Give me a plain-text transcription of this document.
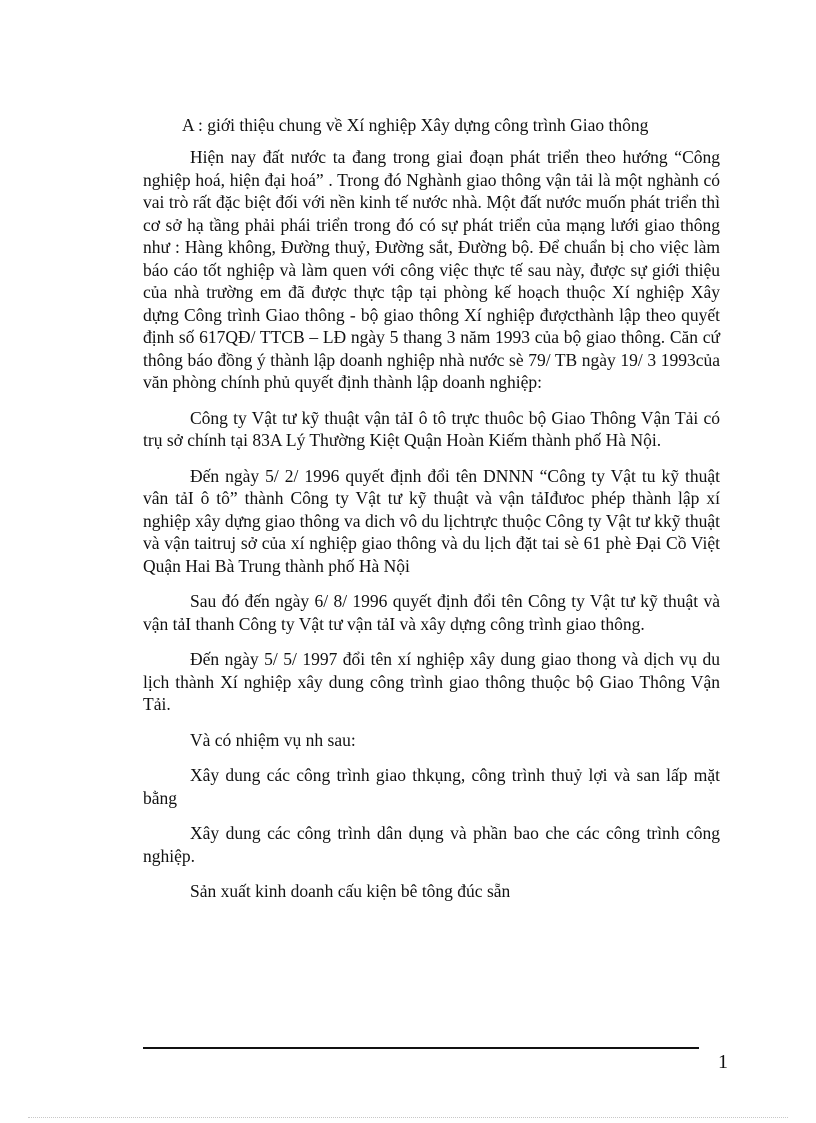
A : giới thiệu chung về Xí nghiệp Xây dựng công trình Giao thông

Hiện nay đất nước ta đang trong giai đoạn phát triển theo hướng “Công nghiệp hoá, hiện đại hoá” . Trong đó Nghành giao thông vận tải là một nghành có vai trò rất đặc biệt đối với nền kinh tế nước nhà. Một đất nước muốn phát triển thì cơ sở hạ tầng phải phái triển trong đó có sự phát triển của mạng lưới giao thông như : Hàng không, Đường thuỷ, Đường sắt, Đường bộ. Để chuẩn bị cho việc làm báo cáo tốt nghiệp và làm quen với công việc thực tế sau này, được sự giới thiệu của nhà trường em đã được thực tập tại phòng kế hoạch thuộc Xí nghiệp Xây dựng Công trình Giao thông - bộ giao thông Xí nghiệp đượcthành lập theo quyết định số 617QĐ/ TTCB – LĐ ngày 5 thang 3 năm 1993 của bộ giao thông. Căn cứ thông báo đồng ý thành lập doanh nghiệp nhà nước sè 79/ TB ngày 19/ 3 1993của văn phòng chính phủ quyết định thành lập doanh nghiệp:

Công ty Vật tư kỹ thuật vận tảI ô tô trực thuôc bộ Giao Thông Vận Tải có trụ sở chính tại 83A Lý Thường Kiệt Quận Hoàn Kiếm thành phố Hà Nội.

Đến ngày 5/ 2/ 1996 quyết định đổi tên DNNN “Công ty Vật tu kỹ thuật vân tảI ô tô” thành Công ty Vật tư kỹ thuật và vận tảIđưoc phép thành lập xí nghiệp xây dựng giao thông va dich vô du lịchtrực thuộc Công ty Vật tư kkỹ thuật và vận taitruj sở của xí nghiệp giao thông và du lịch đặt tai sè 61 phè Đại Cồ Việt Quận Hai Bà Trung thành phố Hà Nội

Sau đó đến ngày 6/ 8/ 1996 quyết định đổi tên Công ty Vật tư kỹ thuật và vận tảI thanh Công ty Vật tư vận tảI và xây dựng công trình giao thông.

Đến ngày 5/ 5/ 1997 đổi tên xí nghiệp xây dung giao thong và dịch vụ du lịch thành Xí nghiệp xây dung công trình giao thông thuộc bộ Giao Thông Vận Tải.

Và có nhiệm vụ nh sau:

Xây dung các công trình giao thkụng, công trình thuỷ lợi và san lấp mặt bằng

Xây dung các công trình dân dụng và phần bao che các công trình công nghiệp.

Sản xuất kinh doanh cấu kiện bê tông đúc sẵn

1
